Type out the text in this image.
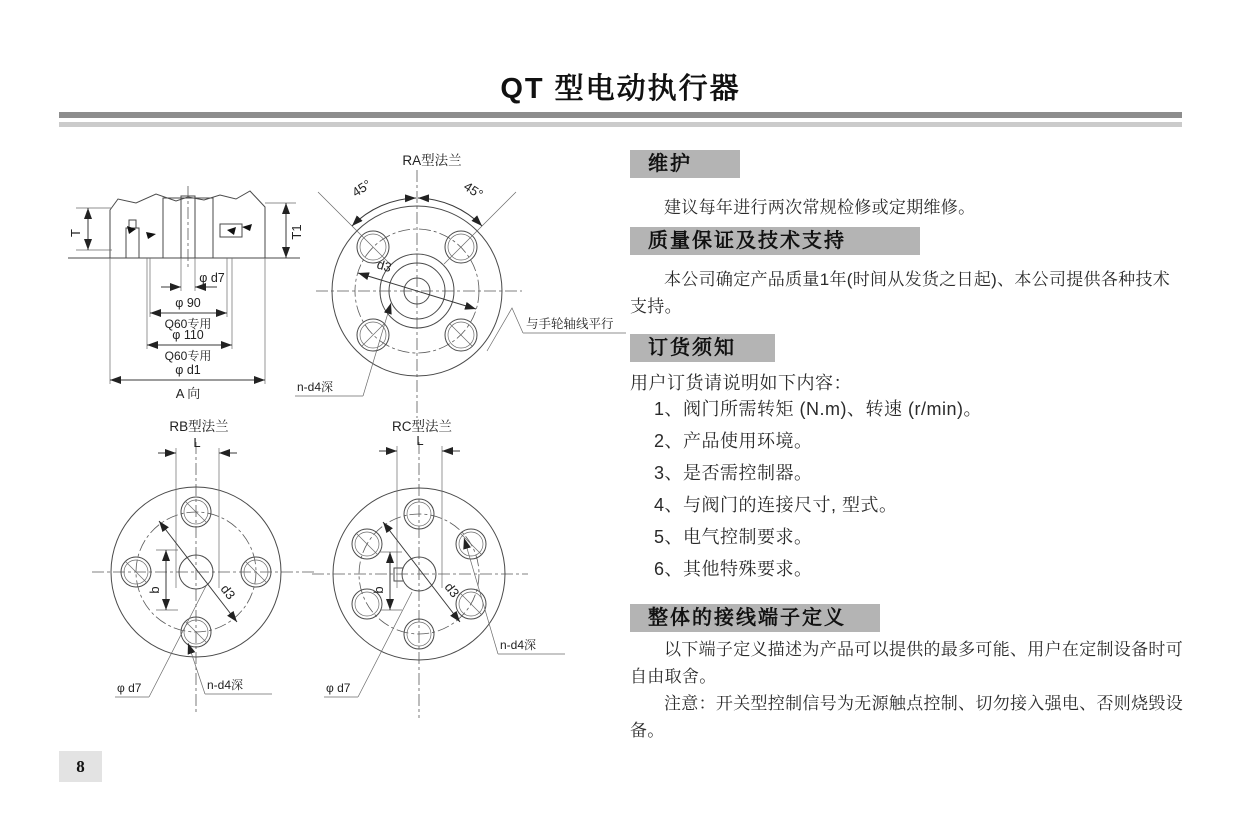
QT 型电动执行器
T	T1
φ d7
φ 90
Q60专用
φ 110
Q60专用
φ d1
A 向
RA型法兰
45°	45°
d3
n-d4深
与手轮轴线平行
RB型法兰
L
b	d3
φ d7	n-d4深
RC型法兰
L
b	d3
n-d4深
φ d7
维护

建议每年进行两次常规检修或定期维修。

质量保证及技术支持

本公司确定产品质量1年(时间从发货之日起)、本公司提供各种技术支持。

订货须知

用户订货请说明如下内容：

1、阀门所需转矩 (N.m)、转速 (r/min)。
2、产品使用环境。
3、是否需控制器。
4、与阀门的连接尺寸, 型式。
5、电气控制要求。
6、其他特殊要求。
整体的接线端子定义

以下端子定义描述为产品可以提供的最多可能、用户在定制设备时可自由取舍。

注意：开关型控制信号为无源触点控制、切勿接入强电、否则烧毁设备。

8
